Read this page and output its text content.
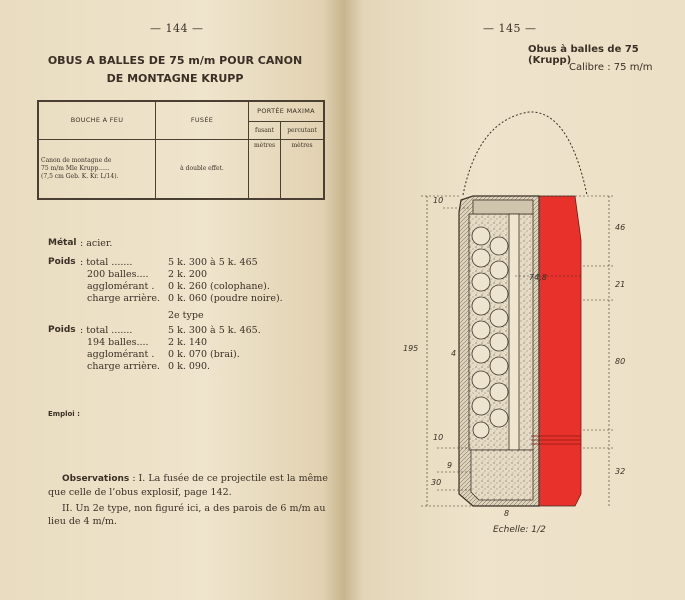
— 144 —
OBUS A BALLES DE 75 m/m POUR CANON
DE MONTAGNE KRUPP
BOUCHE A FEU	FUSÉE	PORTÉE MAXIMA	
		fusant	percutant

Canon de montagne de
75 m/m Mle Krupp......
(7,5 cm Geb. K. Kr. L/14).	à double effet.	mètres	mètres
Métal : acier.
Poids : total .......	5 k. 300 à 5 k. 465
200 balles.... 2 k. 200
agglomérant . 0 k. 260 (colophane).
charge arrière. 0 k. 060 (poudre noire).
2e type
Poids : total .......	5 k. 300 à 5 k. 465.
194 balles.... 2 k. 140
agglomérant . 0 k. 070 (brai).
charge arrière. 0 k. 090.
Emploi :
Observations : I. La fusée de ce projectile est la même que celle de l’obus explosif, page 142.
II. Un 2e type, non figuré ici, a des parois de 6 m/m au lieu de 4 m/m.
— 145 —
Obus à balles de 75 (Krupp)
Calibre : 75 m/m
10
46
74,8
21
195
4
80
10
9
32
30
8
Echelle: 1/2
